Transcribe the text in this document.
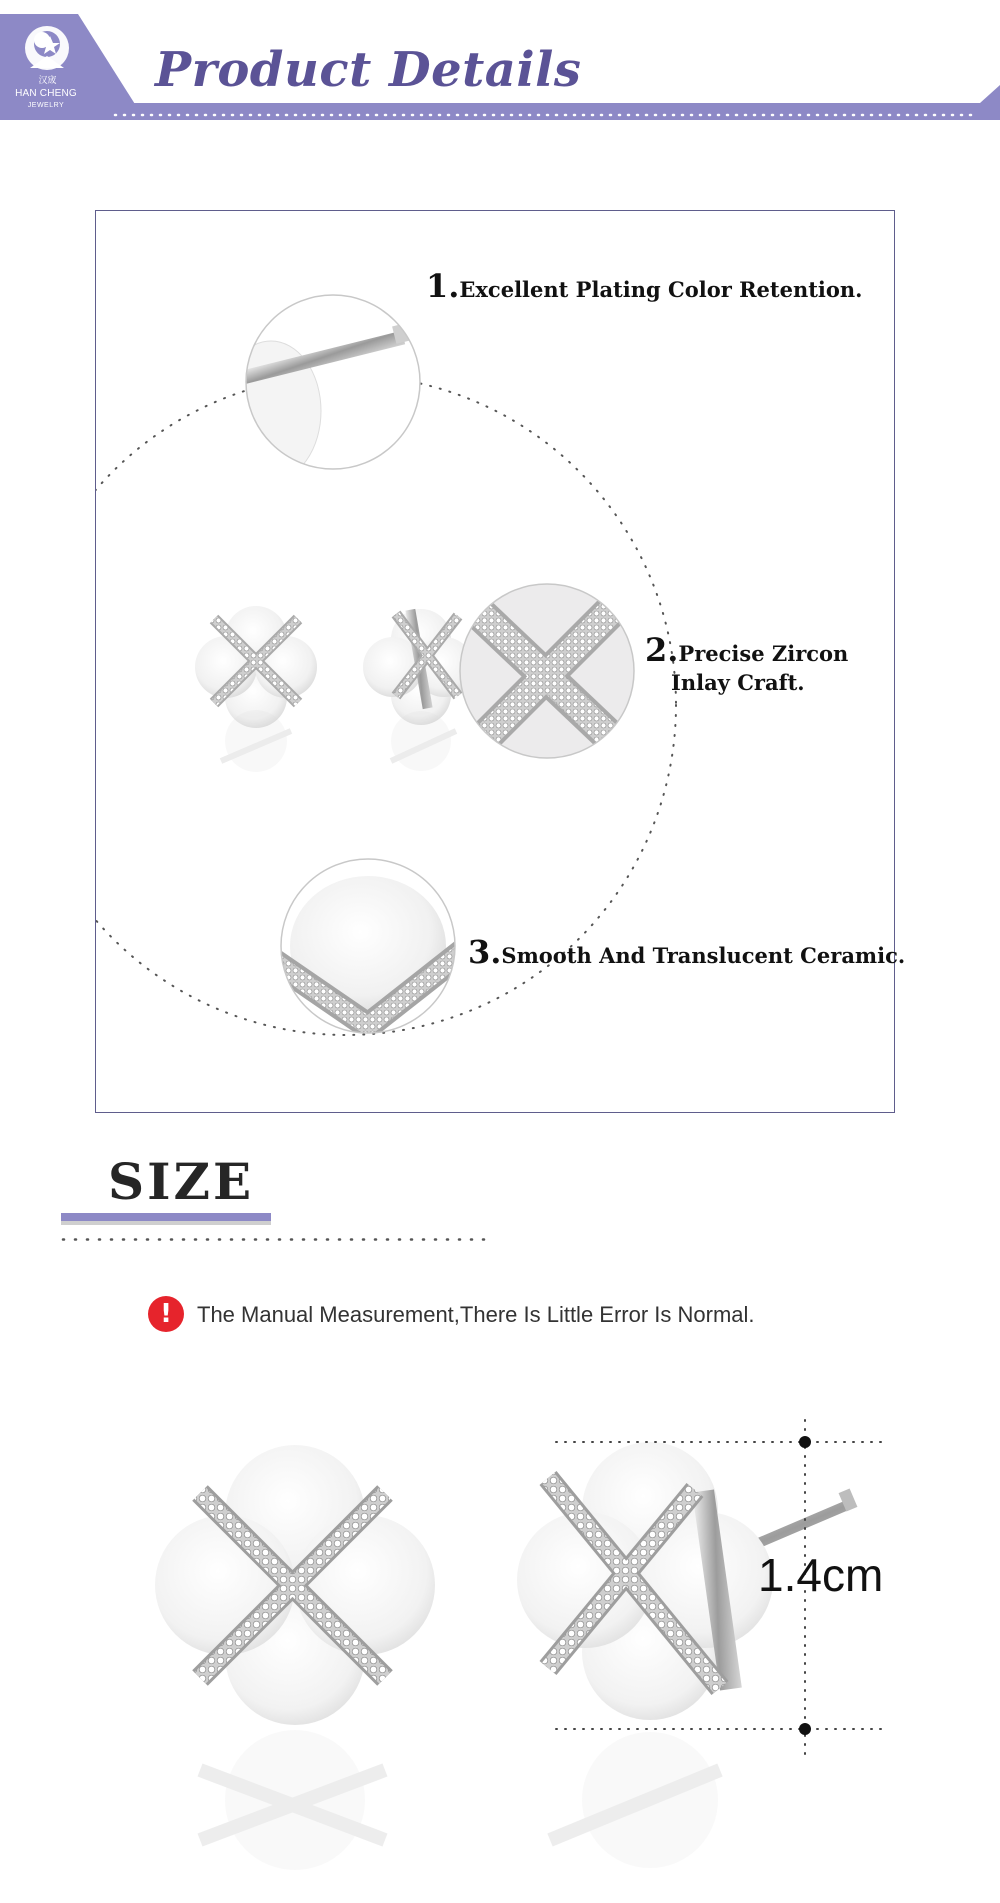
汉宬
HAN CHENG
JEWELRY
Product Details
1.Excellent Plating Color Retention.
2.Precise Zircon
Inlay Craft.
3.Smooth And Translucent Ceramic.
SIZE
!	The Manual Measurement,There Is Little Error Is Normal.
1.4cm
